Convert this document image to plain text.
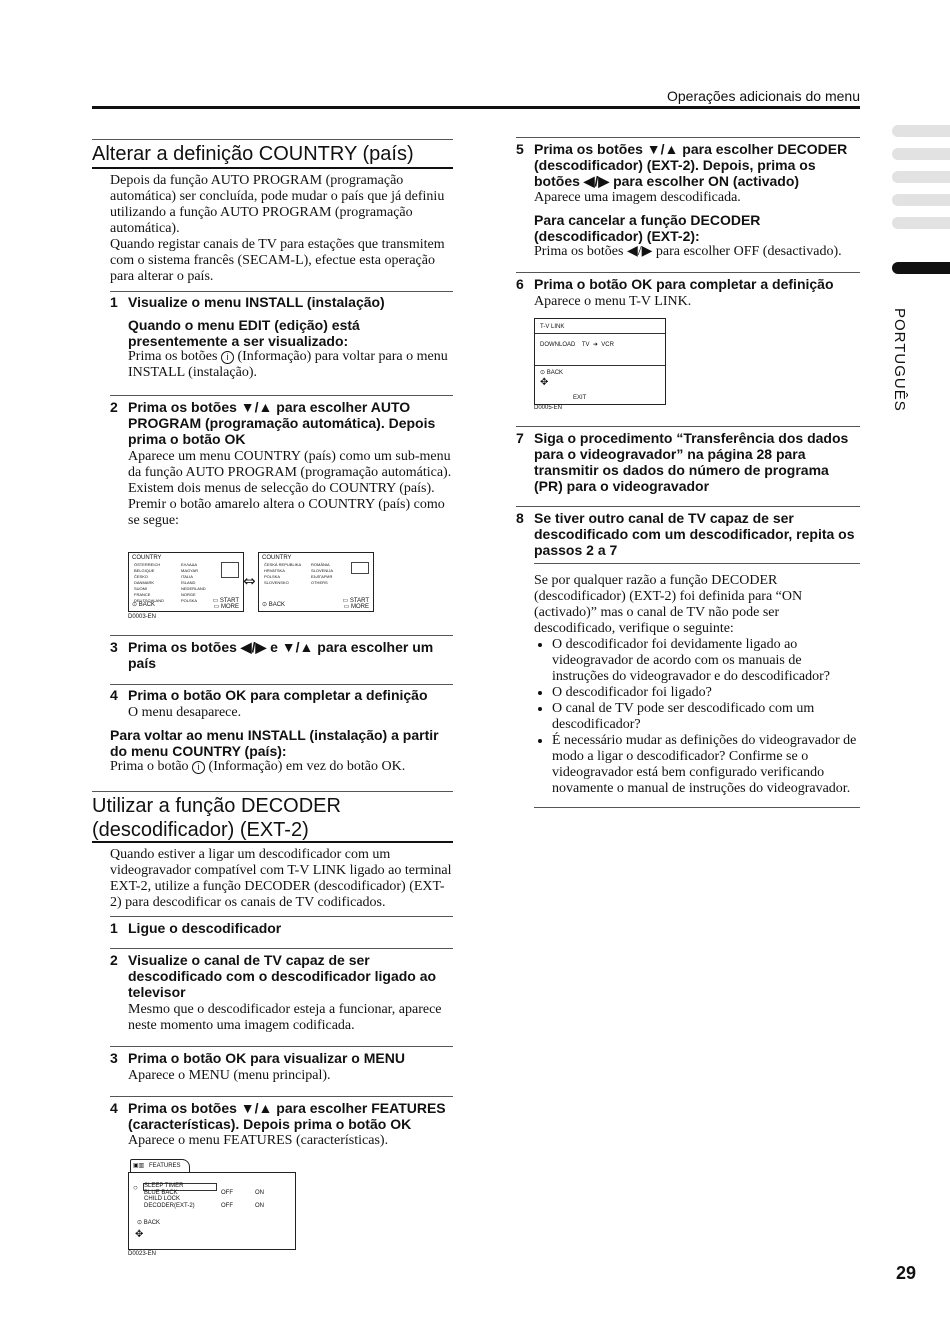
Operações adicionais do menu
PORTUGUÊS
Alterar a definição COUNTRY (país)
Depois da função AUTO PROGRAM (programação automática) ser concluída, pode mudar o país que já definiu utilizando a função AUTO PROGRAM (programação automática).
Quando registar canais de TV para estações que transmitem com o sistema francês (SECAM-L), efectue esta operação para alterar o país.
1 Visualize o menu INSTALL (instalação)
Quando o menu EDIT (edição) está presentemente a ser visualizado:
Prima os botões i (Informação) para voltar para o menu INSTALL (instalação).
2 Prima os botões ▼/▲ para escolher AUTO PROGRAM (programação automática). Depois prima o botão OK
Aparece um menu COUNTRY (país) como um sub-menu da função AUTO PROGRAM (programação automática).
Existem dois menus de selecção do COUNTRY (país). Premir o botão amarelo altera o COUNTRY (país) como se segue:
COUNTRY
ÖSTERREICH
BELGIQUE
ČESKO
DANMARK
SUOMI
FRANCE
DEUTSCHLAND
ΕΛΛΑΔΑ
MAGYAR
ITALIA
ÍSLAND
NEDERLAND
NORGE
POLSKA
⊙ BACK
▭ START
▭ MORE
⇔
COUNTRY
ČESKÁ REPUBLIKA
HRVATSKA
POLSKA
SLOVENSKO
ROMÂNIA
SLOVENIJA
БЪЛГАРИЯ
OTHERS
⊙ BACK
▭ START
▭ MORE
D0003-EN
3 Prima os botões ◀/▶ e ▼/▲ para escolher um país
4 Prima o botão OK para completar a definição
O menu desaparece.
Para voltar ao menu INSTALL (instalação) a partir do menu COUNTRY (país):
Prima o botão i (Informação) em vez do botão OK.
Utilizar a função DECODER
(descodificador) (EXT-2)
Quando estiver a ligar um descodificador com um videogravador compatível com T-V LINK ligado ao terminal EXT-2, utilize a função DECODER (descodificador) (EXT-2) para descodificar os canais de TV codificados.
1 Ligue o descodificador
2 Visualize o canal de TV capaz de ser descodificado com o descodificador ligado ao televisor
Mesmo que o descodificador esteja a funcionar, aparece neste momento uma imagem codificada.
3 Prima o botão OK para visualizar o MENU
Aparece o MENU (menu principal).
4 Prima os botões ▼/▲ para escolher FEATURES (características). Depois prima o botão OK
Aparece o menu FEATURES (características).
▣▥ FEATURES
○ SLEEP TIMER
BLUE BACK
CHILD LOCK
DECODER(EXT-2)

OFF

OFF

ON

ON
⊙ BACK
✥
D0023-EN
5 Prima os botões ▼/▲ para escolher DECODER (descodificador) (EXT-2). Depois, prima os botões ◀/▶ para escolher ON (activado)
Aparece uma imagem descodificada.
Para cancelar a função DECODER (descodificador) (EXT-2):
Prima os botões ◀/▶ para escolher OFF (desactivado).
6 Prima o botão OK para completar a definição
Aparece o menu T-V LINK.
T-V LINK
DOWNLOAD    TV  ➜  VCR
⊙ BACK
✥
EXIT
D0005-EN
7 Siga o procedimento “Transferência dos dados para o videogravador” na página 28 para transmitir os dados do número de programa (PR) para o videogravador
8 Se tiver outro canal de TV capaz de ser descodificado com um descodificador, repita os passos 2 a 7
Se por qualquer razão a função DECODER (descodificador) (EXT-2) foi definida para “ON (activado)” mas o canal de TV não pode ser descodificado, verifique o seguinte:
• O descodificador foi devidamente ligado ao videogravador de acordo com os manuais de instruções do videogravador e do descodificador?
• O descodificador foi ligado?
• O canal de TV pode ser descodificado com um descodificador?
• É necessário mudar as definições do videogravador de modo a ligar o descodificador? Confirme se o videogravador está bem configurado verificando novamente o manual de instruções do videogravador.
29
